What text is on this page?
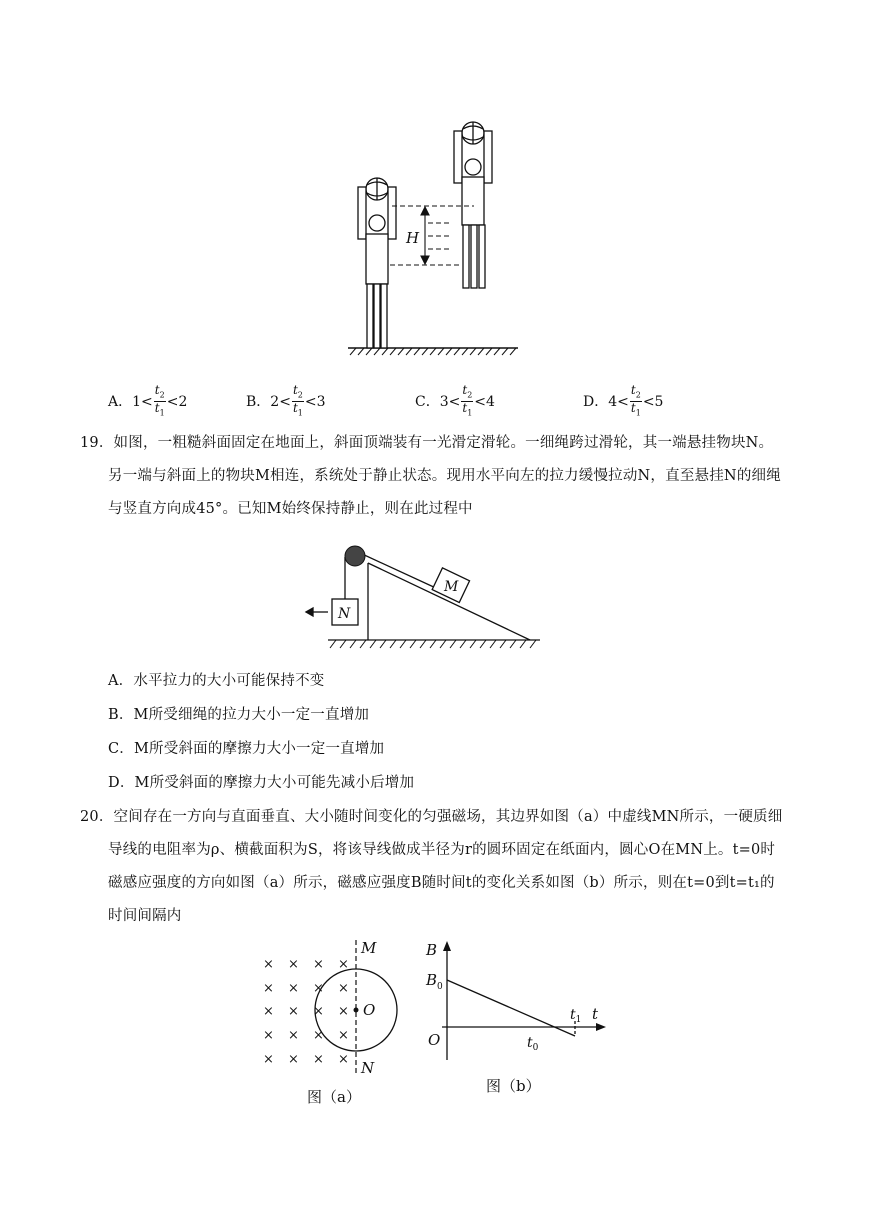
H
A．$1< \frac{t_2}{t_1} <2$	B．$2< \frac{t_2}{t_1} <3$	C．$3< \frac{t_2}{t_1} <4$	D．$4< \frac{t_2}{t_1} <5$
19．如图，一粗糙斜面固定在地面上，斜面顶端装有一光滑定滑轮。一细绳跨过滑轮，其一端悬挂物块N。
另一端与斜面上的物块M相连，系统处于静止状态。现用水平向左的拉力缓慢拉动N，直至悬挂N的细绳
与竖直方向成45°。已知M始终保持静止，则在此过程中
M
N
A．水平拉力的大小可能保持不变
B．M所受细绳的拉力大小一定一直增加
C．M所受斜面的摩擦力大小一定一直增加
D．M所受斜面的摩擦力大小可能先减小后增加
20．空间存在一方向与直面垂直、大小随时间变化的匀强磁场，其边界如图（a）中虚线MN所示，一硬质细
导线的电阻率为ρ、横截面积为S，将该导线做成半径为r的圆环固定在纸面内，圆心O在MN上。t=0时
磁感应强度的方向如图（a）所示，磁感应强度B随时间t的变化关系如图（b）所示，则在t=0到t=t₁的
时间间隔内
× × × ×
× × × ×
× × × ×
× × × ×
× × × ×
M
O
N
图（a）
B
$B_0$
O
t
$t_1$
$t_0$
图（b）
